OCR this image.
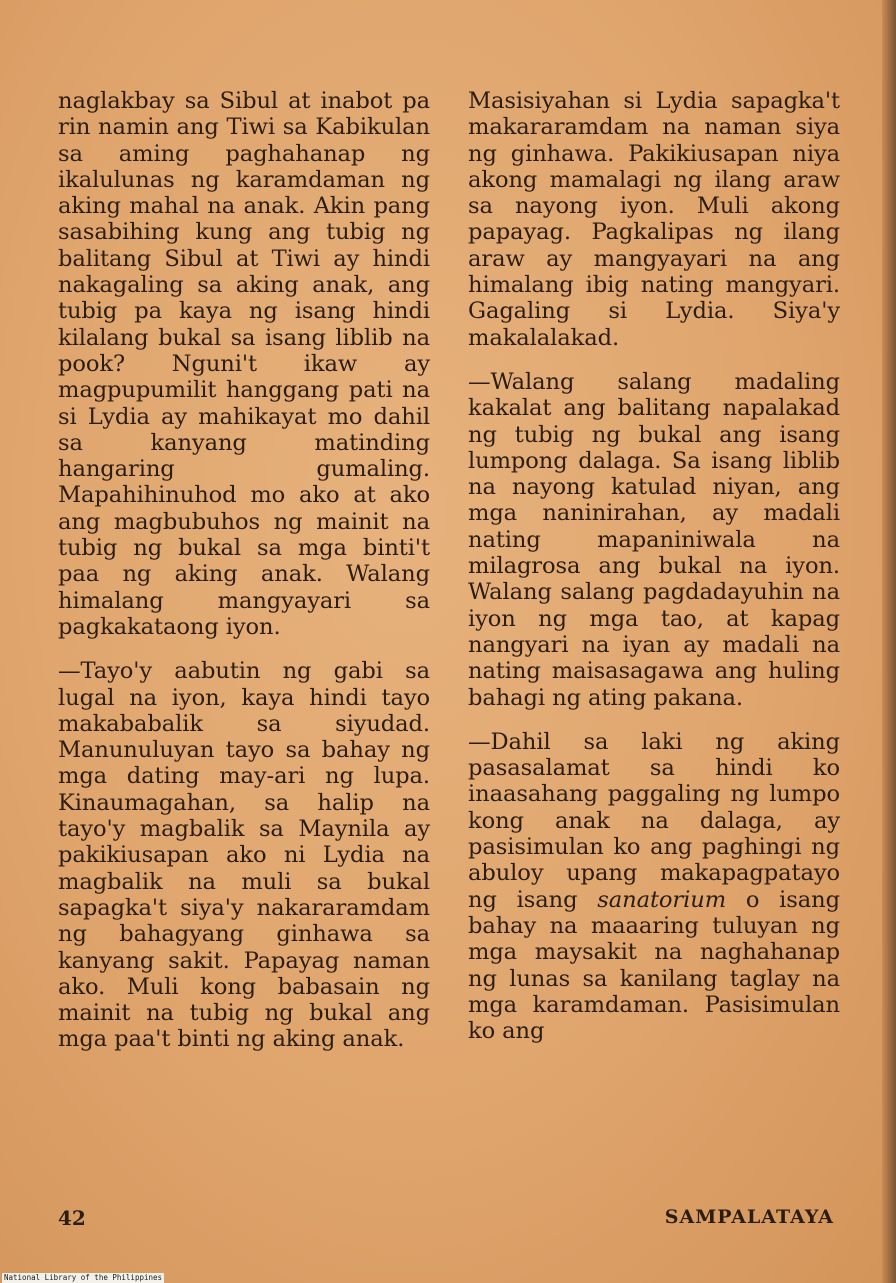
naglakbay sa Sibul at inabot pa rin namin ang Tiwi sa Kabikulan sa aming paghahanap ng ikalulunas ng karamdaman ng aking mahal na anak. Akin pang sasabihing kung ang tubig ng balitang Sibul at Tiwi ay hindi nakagaling sa aking anak, ang tubig pa kaya ng isang hindi kilalang bukal sa isang liblib na pook? Nguni't ikaw ay magpupumilit hanggang pati na si Lydia ay mahikayat mo dahil sa kanyang matinding hangaring gumaling. Mapahihinuhod mo ako at ako ang magbubuhos ng mainit na tubig ng bukal sa mga binti't paa ng aking anak. Walang himalang mangyayari sa pagkakataong iyon.

—Tayo'y aabutin ng gabi sa lugal na iyon, kaya hindi tayo makababalik sa siyudad. Manunuluyan tayo sa bahay ng mga dating may-ari ng lupa. Kinaumagahan, sa halip na tayo'y magbalik sa Maynila ay pakikiusapan ako ni Lydia na magbalik na muli sa bukal sapagka't siya'y nakararamdam ng bahagyang ginhawa sa kanyang sakit. Papayag naman ako. Muli kong babasain ng mainit na tubig ng bukal ang mga paa't binti ng aking anak.

Masisiyahan si Lydia sapagka't makararamdam na naman siya ng ginhawa. Pakikiusapan niya akong mamalagi ng ilang araw sa nayong iyon. Muli akong papayag. Pagkalipas ng ilang araw ay mangyayari na ang himalang ibig nating mangyari. Gagaling si Lydia. Siya'y makalalakad.

—Walang salang madaling kakalat ang balitang napalakad ng tubig ng bukal ang isang lumpong dalaga. Sa isang liblib na nayong katulad niyan, ang mga naninirahan, ay madali nating mapaniniwala na milagrosa ang bukal na iyon. Walang salang pagdadayuhin na iyon ng mga tao, at kapag nangyari na iyan ay madali na nating maisasagawa ang huling bahagi ng ating pakana.

—Dahil sa laki ng aking pasasalamat sa hindi ko inaasahang paggaling ng lumpo kong anak na dalaga, ay pasisimulan ko ang paghingi ng abuloy upang makapagpatayo ng isang sanatorium o isang bahay na maaaring tuluyan ng mga maysakit na naghahanap ng lunas sa kanilang taglay na mga karamdaman. Pasisimulan ko ang

42	SAMPALATAYA
National Library of the Philippines
